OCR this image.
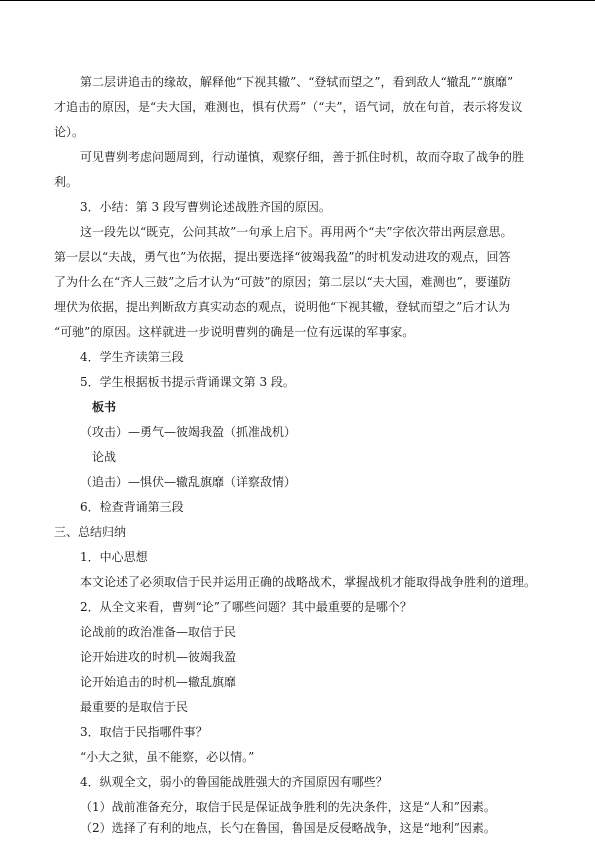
第二层讲追击的缘故，解释他“下视其辙”、“登轼而望之”，看到敌人“辙乱”“旗靡”
才追击的原因，是“夫大国，难测也，惧有伏焉”（“夫”，语气词，放在句首，表示将发议
论）。
可见曹刿考虑问题周到，行动谨慎，观察仔细，善于抓住时机，故而夺取了战争的胜
利。
3．小结：第 3 段写曹刿论述战胜齐国的原因。
这一段先以“既克，公问其故”一句承上启下。再用两个“夫”字依次带出两层意思。
第一层以“夫战，勇气也”为依据，提出要选择“彼竭我盈”的时机发动进攻的观点，回答
了为什么在“齐人三鼓”之后才认为“可鼓”的原因；第二层以“夫大国，难测也”，要谨防
埋伏为依据，提出判断敌方真实动态的观点，说明他“下视其辙，登轼而望之”后才认为
“可驰”的原因。这样就进一步说明曹刿的确是一位有远谋的军事家。
4．学生齐读第三段
5．学生根据板书提示背诵课文第 3 段。
板书
（攻击）—勇气—彼竭我盈（抓准战机）
论战
（追击）—惧伏—辙乱旗靡（详察敌情）
6．检查背诵第三段
三、总结归纳
1．中心思想
本文论述了必须取信于民并运用正确的战略战术，掌握战机才能取得战争胜利的道理。
2．从全文来看，曹刿“论”了哪些问题？其中最重要的是哪个？
论战前的政治准备—取信于民
论开始进攻的时机—彼竭我盈
论开始追击的时机—辙乱旗靡
最重要的是取信于民
3．取信于民指哪件事？
“小大之狱，虽不能察，必以情。”
4．纵观全文，弱小的鲁国能战胜强大的齐国原因有哪些？
（1）战前准备充分，取信于民是保证战争胜利的先决条件，这是“人和”因素。
（2）选择了有利的地点，长勺在鲁国，鲁国是反侵略战争，这是“地利”因素。
